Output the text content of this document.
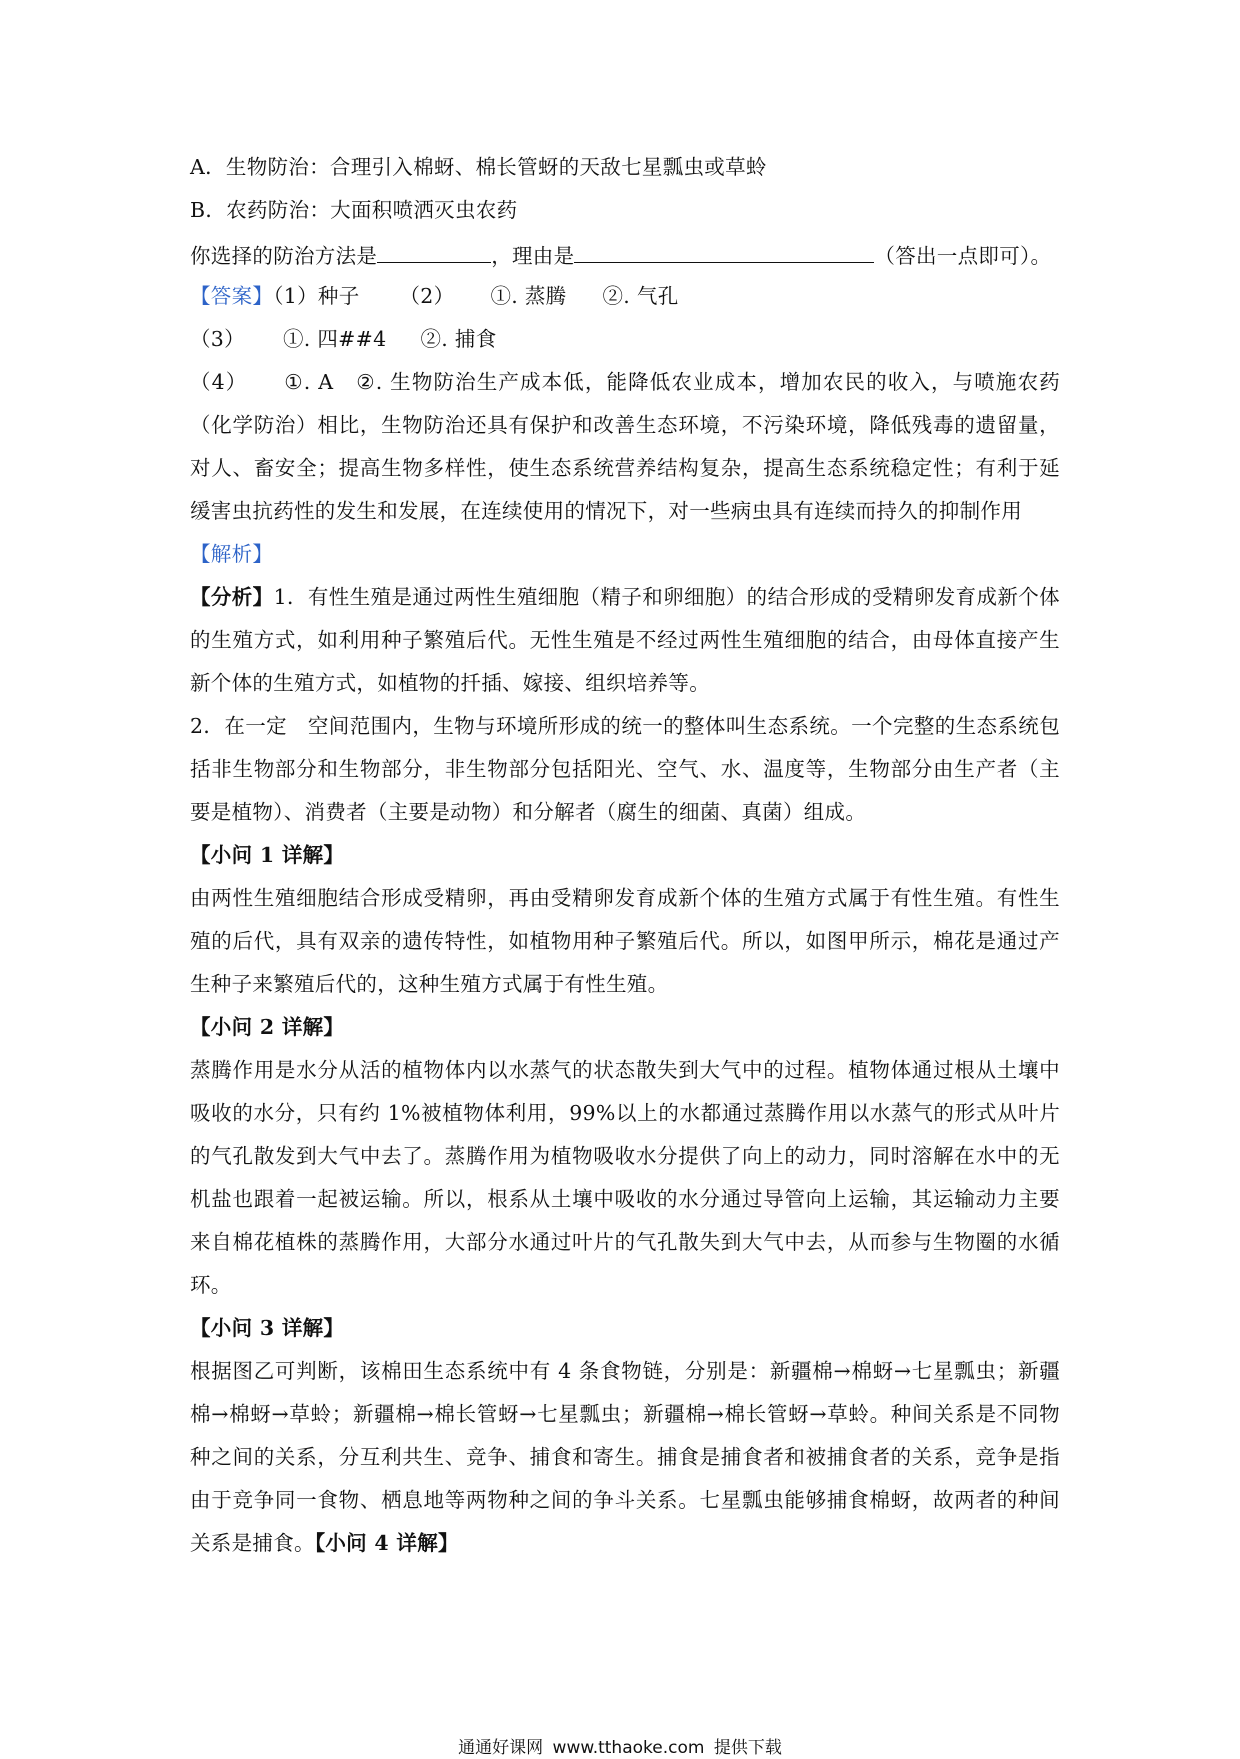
A．生物防治：合理引入棉蚜、棉长管蚜的天敌七星瓢虫或草蛉
B．农药防治：大面积喷洒灭虫农药
你选择的防治方法是	，理由是	（答出一点即可）。
【答案】（1）种子 （2） ①. 蒸腾 ②. 气孔
（3） ①. 四##4 ②. 捕食

（4） ①. A ②. 生物防治生产成本低，能降低农业成本，增加农民的收入，与喷施农药（化学防治）相比，生物防治还具有保护和改善生态环境，不污染环境，降低残毒的遗留量，对人、畜安全；提高生物多样性，使生态系统营养结构复杂，提高生态系统稳定性；有利于延缓害虫抗药性的发生和发展，在连续使用的情况下，对一些病虫具有连续而持久的抑制作用

【解析】

【分析】1．有性生殖是通过两性生殖细胞（精子和卵细胞）的结合形成的受精卵发育成新个体的生殖方式，如利用种子繁殖后代。无性生殖是不经过两性生殖细胞的结合，由母体直接产生新个体的生殖方式，如植物的扦插、嫁接、组织培养等。

2．在一定　空间范围内，生物与环境所形成的统一的整体叫生态系统。一个完整的生态系统包括非生物部分和生物部分，非生物部分包括阳光、空气、水、温度等，生物部分由生产者（主要是植物）、消费者（主要是动物）和分解者（腐生的细菌、真菌）组成。

【小问 1 详解】

由两性生殖细胞结合形成受精卵，再由受精卵发育成新个体的生殖方式属于有性生殖。有性生殖的后代，具有双亲的遗传特性，如植物用种子繁殖后代。所以，如图甲所示，棉花是通过产生种子来繁殖后代的，这种生殖方式属于有性生殖。

【小问 2 详解】

蒸腾作用是水分从活的植物体内以水蒸气的状态散失到大气中的过程。植物体通过根从土壤中吸收的水分，只有约 1%被植物体利用，99%以上的水都通过蒸腾作用以水蒸气的形式从叶片的气孔散发到大气中去了。蒸腾作用为植物吸收水分提供了向上的动力，同时溶解在水中的无机盐也跟着一起被运输。所以，根系从土壤中吸收的水分通过导管向上运输，其运输动力主要来自棉花植株的蒸腾作用，大部分水通过叶片的气孔散失到大气中去，从而参与生物圈的水循环。

【小问 3 详解】

根据图乙可判断，该棉田生态系统中有 4 条食物链，分别是：新疆棉→棉蚜→七星瓢虫；新疆棉→棉蚜→草蛉；新疆棉→棉长管蚜→七星瓢虫；新疆棉→棉长管蚜→草蛉。种间关系是不同物种之间的关系，分互利共生、竞争、捕食和寄生。捕食是捕食者和被捕食者的关系，竞争是指由于竞争同一食物、栖息地等两物种之间的争斗关系。七星瓢虫能够捕食棉蚜，故两者的种间关系是捕食。【小问 4 详解】

通通好课网 www.tthaoke.com 提供下载
